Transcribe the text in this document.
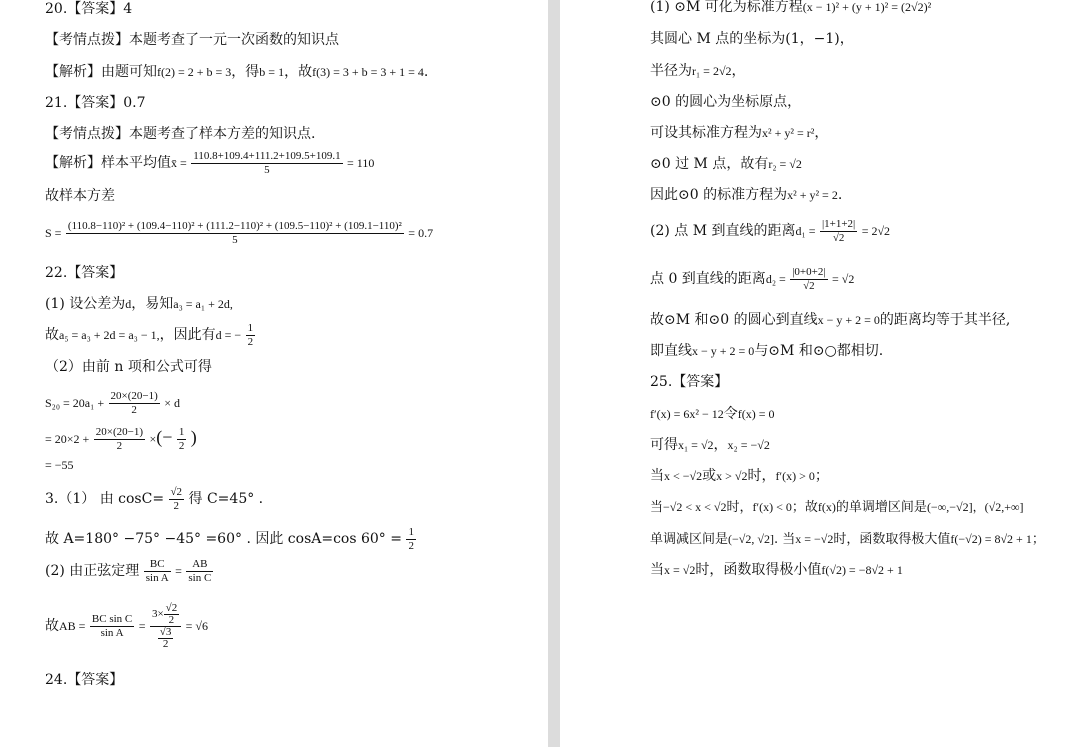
20.【答案】4
【考情点拨】本题考查了一元一次函数的知识点
【解析】由题可知f(2) = 2 + b = 3，得b = 1，故f(3) = 3 + b = 3 + 1 = 4.
21.【答案】0.7
【考情点拨】本题考查了样本方差的知识点.
【解析】样本平均值x̄ = $\frac{110.8+109.4+111.2+109.5+109.1}{5} = 110$
故样本方差
S =
(110.8−110)² + (109.4−110)² + (111.2−110)² + (109.5−110)² + (109.1−110)²
5	= 0.7
22.【答案】
(1) 设公差为d，易知a₃ = a₁ + 2d,
故a₅ = a₃ + 2d = a₃ − 1,，因此有d = − $\frac{1}{2}$
（2）由前 n 项和公式可得
$S_{20} = 20a_1 + \frac{20\times(20-1)}{2} \times d$
= $20\times 2 + \frac{20\times(20-1)}{2}$ ×(− $\frac{1}{2}$ )
= −55
3.（1） 由 $\cos C= \frac{√2}{2}$ 得 C=45° .
故 A=180° −75° −45° =60° . 因此 cosA=cos $60^\circ = \frac{1}{2}$
(2) 由正弦定理 $\frac{BC}{\text{sin A}} = \frac{AB}{\text{sin C}}$
故AB = $\frac{\text{BC sin C}}{\text{sin A}} = \frac{3\times \frac{√2}{2}}{\frac{√3}{2}} = √6$
24.【答案】
(1) ⊙M 可化为标准方程(x − 1)² + (y + 1)² = (2√2)²
其圆心 M 点的坐标为(1，−1)，
半径为r₁ = 2√2，
⊙0 的圆心为坐标原点，
可设其标准方程为x² + y² = r²，
⊙0 过 M 点，故有r₂ = √2
因此⊙0 的标准方程为x² + y² = 2.
(2) 点 M 到直线的距离$d_1 = \frac{|1+1+2|}{√2} = 2√2$
点 0 到直线的距离$d_2 = \frac{|0+0+2|}{√2} = √2$
故⊙M 和⊙0 的圆心到直线x − y + 2 = 0的距离均等于其半径,
即直线x − y + 2 = 0与⊙M 和⊙○都相切.
25.【答案】
f′(x) = 6x² − 12令f(x) = 0
可得x₁ = √2，x₂ = −√2
当x < −√2或x > √2时，f′(x) > 0；
当−√2 < x < √2时，f′(x) < 0；故f(x)的单调增区间是(−∞,−√2]，(√2,+∞]
单调减区间是(−√2, √2]. 当x = −√2时，函数取得极大值f(−√2) = 8√2 + 1；
当x = √2时，函数取得极小值f(√2) = −8√2 + 1
